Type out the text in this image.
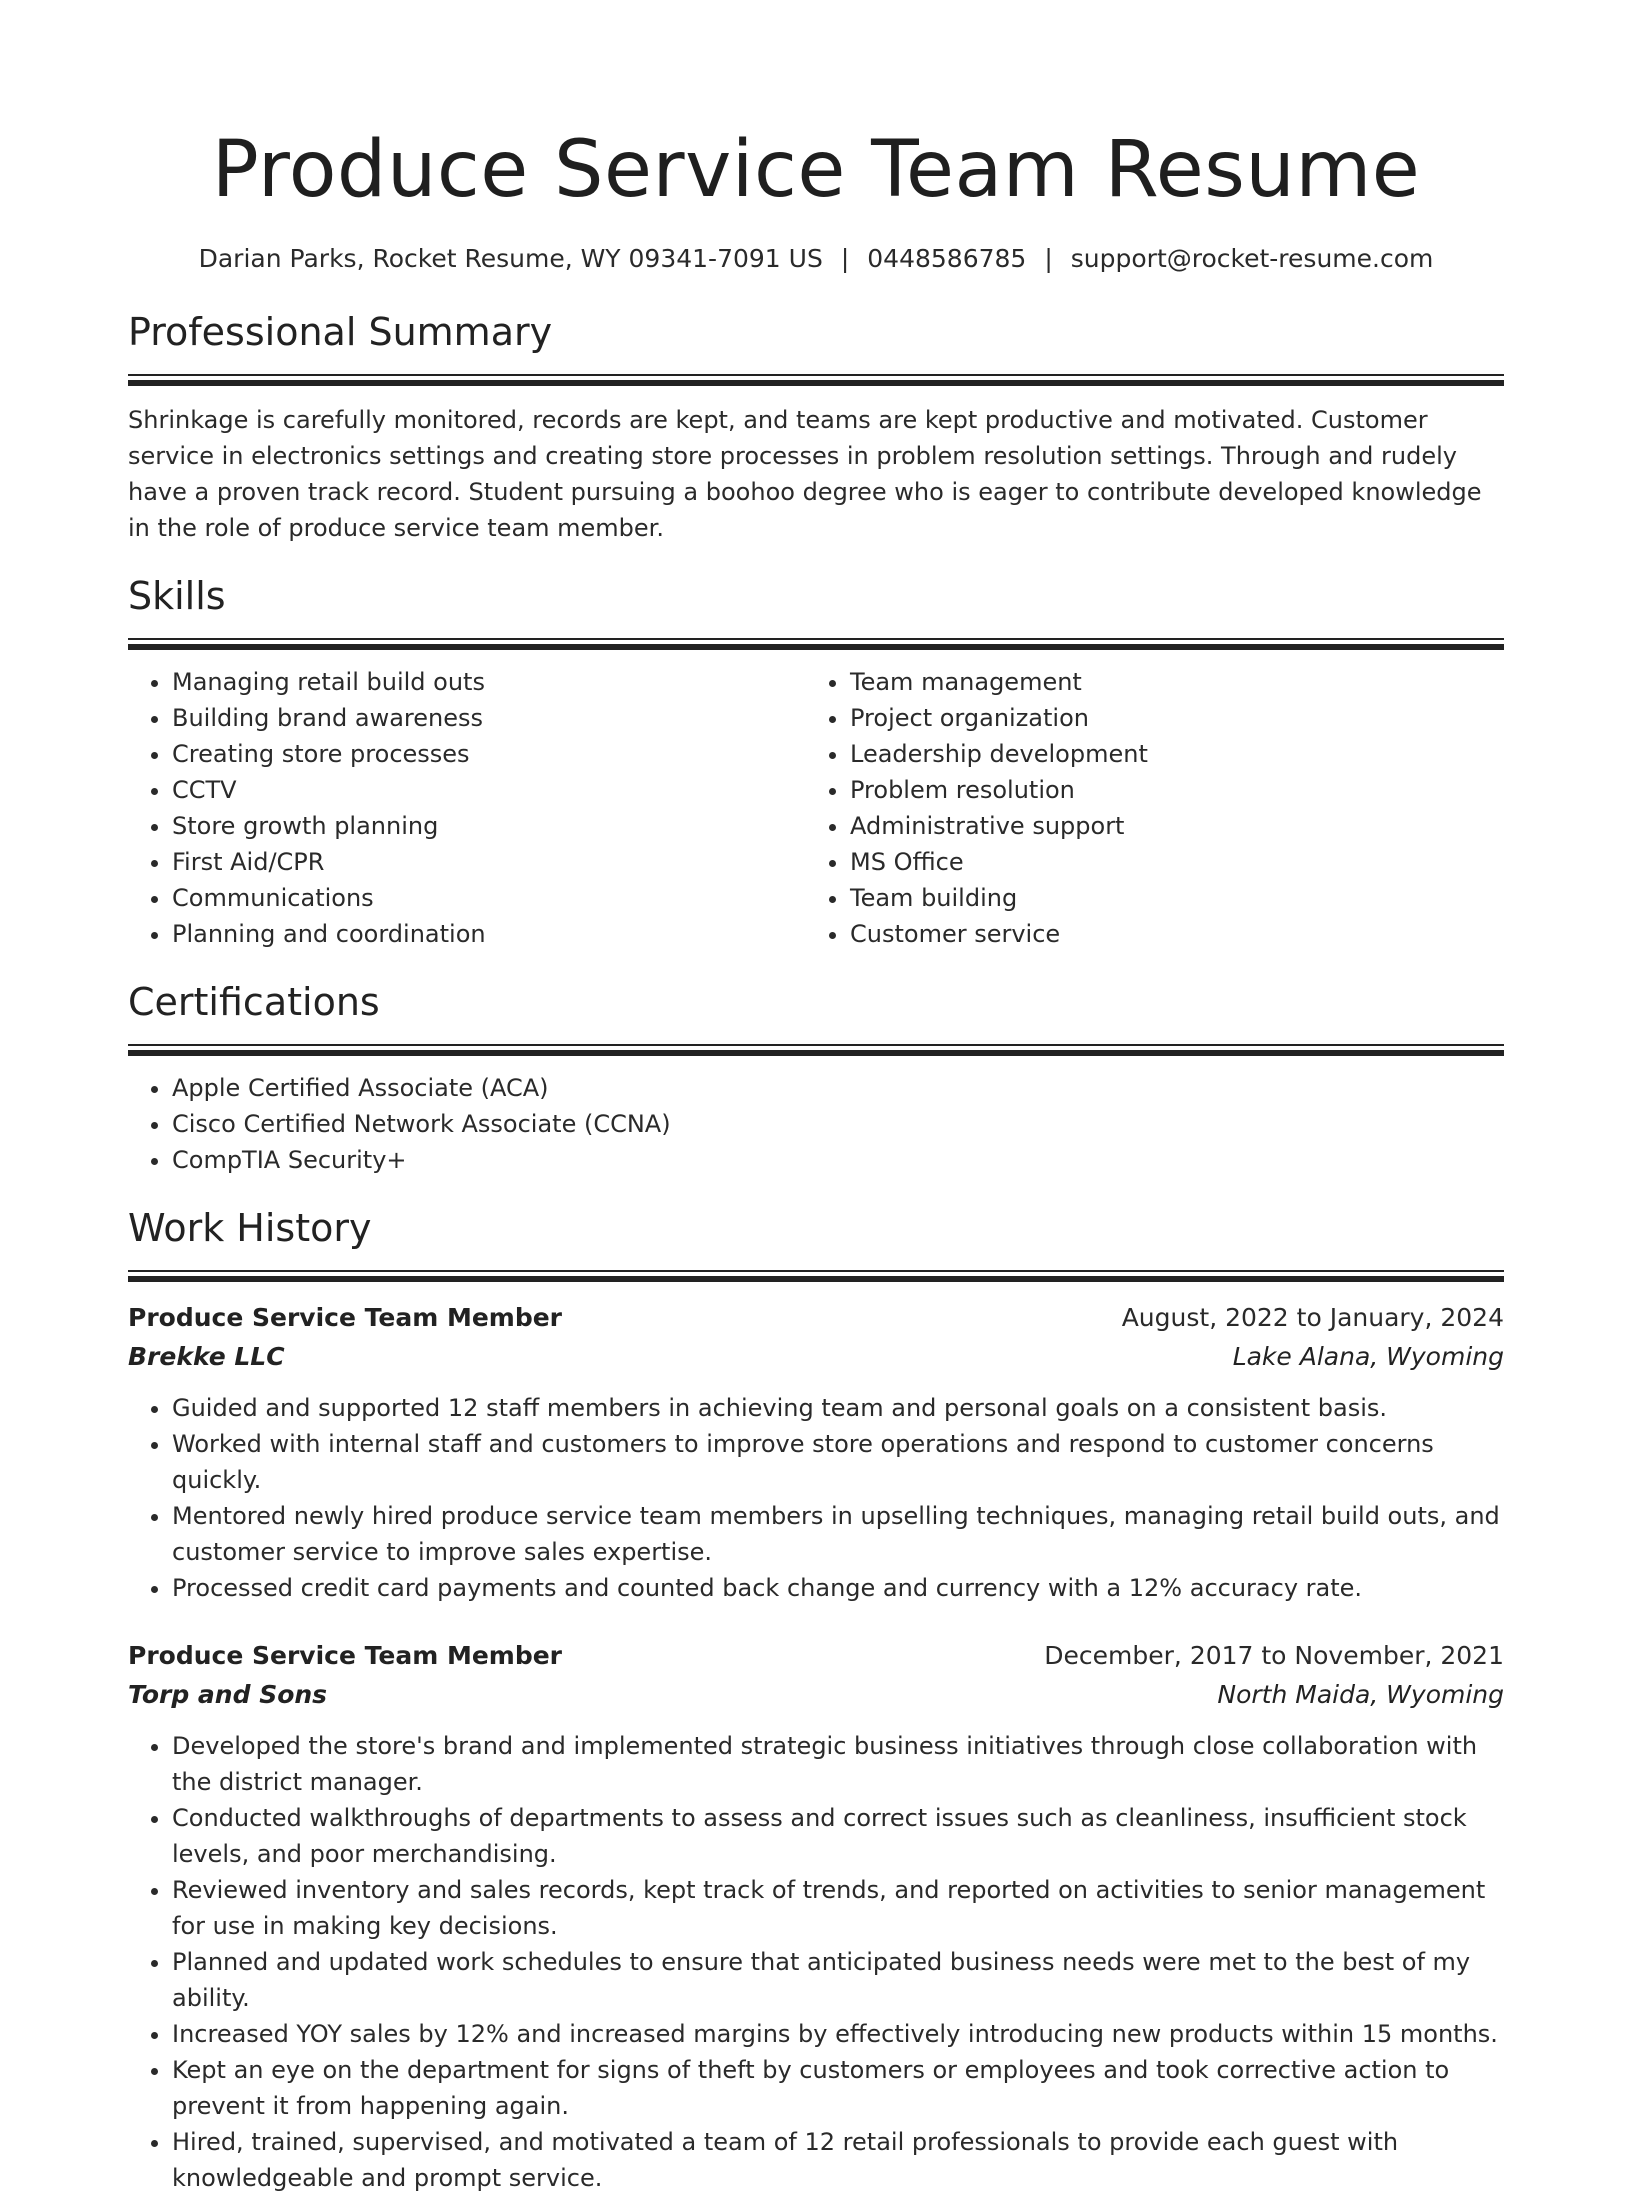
Produce Service Team Resume
Darian Parks, Rocket Resume, WY 09341-7091 US | 0448586785 | support@rocket-resume.com
Professional Summary

Shrinkage is carefully monitored, records are kept, and teams are kept productive and motivated. Customer service in electronics settings and creating store processes in problem resolution settings. Through and rudely have a proven track record. Student pursuing a boohoo degree who is eager to contribute developed knowledge in the role of produce service team member.

Skills
• Managing retail build outs
• Building brand awareness
• Creating store processes
• CCTV
• Store growth planning
• First Aid/CPR
• Communications
• Planning and coordination
• Team management
• Project organization
• Leadership development
• Problem resolution
• Administrative support
• MS Office
• Team building
• Customer service
Certifications
• Apple Certified Associate (ACA)
• Cisco Certified Network Associate (CCNA)
• CompTIA Security+
Work History
Produce Service Team Member	August, 2022 to January, 2024
Brekke LLC	Lake Alana, Wyoming
• Guided and supported 12 staff members in achieving team and personal goals on a consistent basis.
• Worked with internal staff and customers to improve store operations and respond to customer concerns quickly.
• Mentored newly hired produce service team members in upselling techniques, managing retail build outs, and customer service to improve sales expertise.
• Processed credit card payments and counted back change and currency with a 12% accuracy rate.
Produce Service Team Member	December, 2017 to November, 2021
Torp and Sons	North Maida, Wyoming
• Developed the store's brand and implemented strategic business initiatives through close collaboration with the district manager.
• Conducted walkthroughs of departments to assess and correct issues such as cleanliness, insufficient stock levels, and poor merchandising.
• Reviewed inventory and sales records, kept track of trends, and reported on activities to senior management for use in making key decisions.
• Planned and updated work schedules to ensure that anticipated business needs were met to the best of my ability.
• Increased YOY sales by 12% and increased margins by effectively introducing new products within 15 months.
• Kept an eye on the department for signs of theft by customers or employees and took corrective action to prevent it from happening again.
• Hired, trained, supervised, and motivated a team of 12 retail professionals to provide each guest with knowledgeable and prompt service.
